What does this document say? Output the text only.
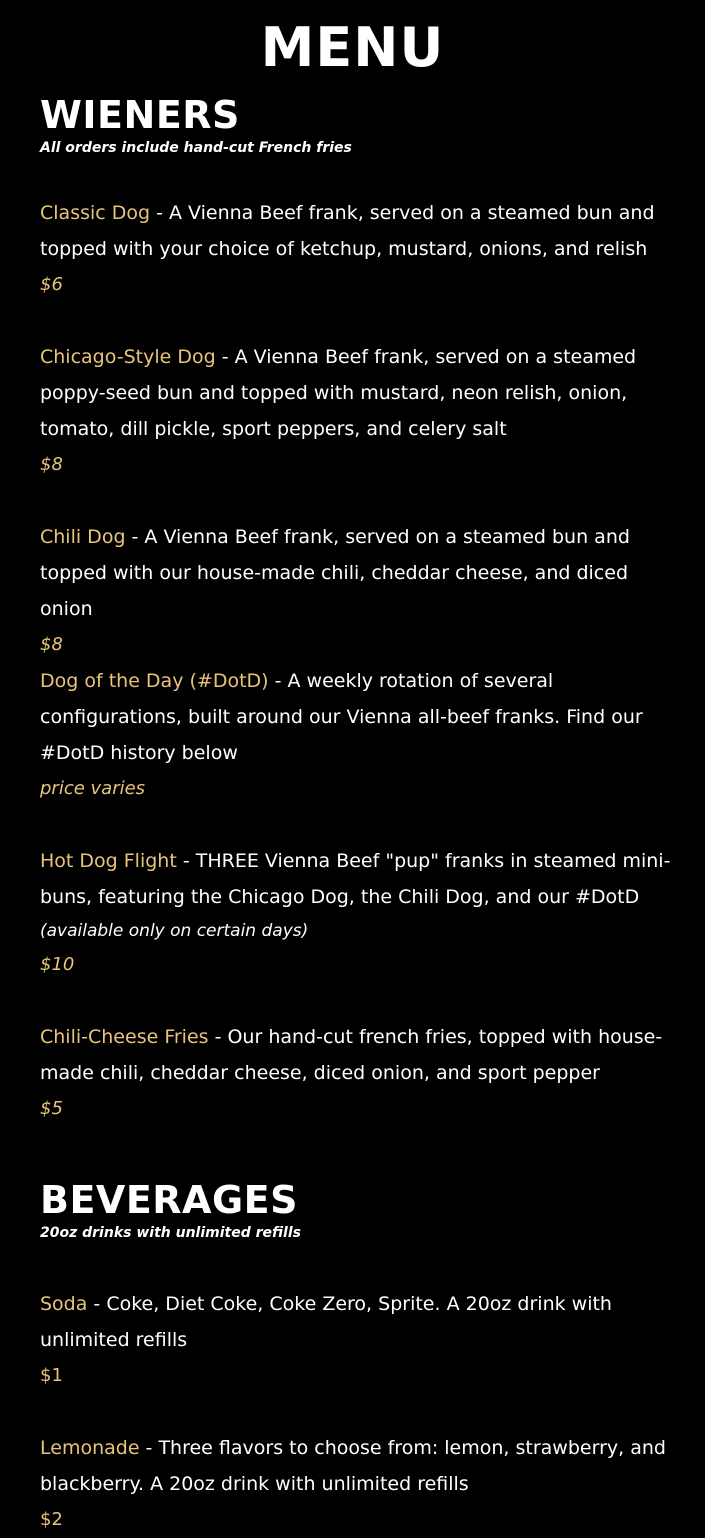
MENU
WIENERS

All orders include hand-cut French fries

Classic Dog - A Vienna Beef frank, served on a steamed bun and topped with your choice of ketchup, mustard, onions, and relish

$6

Chicago-Style Dog - A Vienna Beef frank, served on a steamed poppy-seed bun and topped with mustard, neon relish, onion, tomato, dill pickle, sport peppers, and celery salt

$8

Chili Dog - A Vienna Beef frank, served on a steamed bun and topped with our house-made chili, cheddar cheese, and diced onion

$8

Dog of the Day (#DotD) - A weekly rotation of several configurations, built around our Vienna all-beef franks. Find our #DotD history below

price varies

Hot Dog Flight - THREE Vienna Beef "pup" franks in steamed mini-buns, featuring the Chicago Dog, the Chili Dog, and our #DotD

(available only on certain days)

$10

Chili-Cheese Fries - Our hand-cut french fries, topped with house-made chili, cheddar cheese, diced onion, and sport pepper

$5

BEVERAGES

20oz drinks with unlimited refills

Soda - Coke, Diet Coke, Coke Zero, Sprite. A 20oz drink with unlimited refills

$1

Lemonade - Three flavors to choose from: lemon, strawberry, and blackberry. A 20oz drink with unlimited refills

$2
